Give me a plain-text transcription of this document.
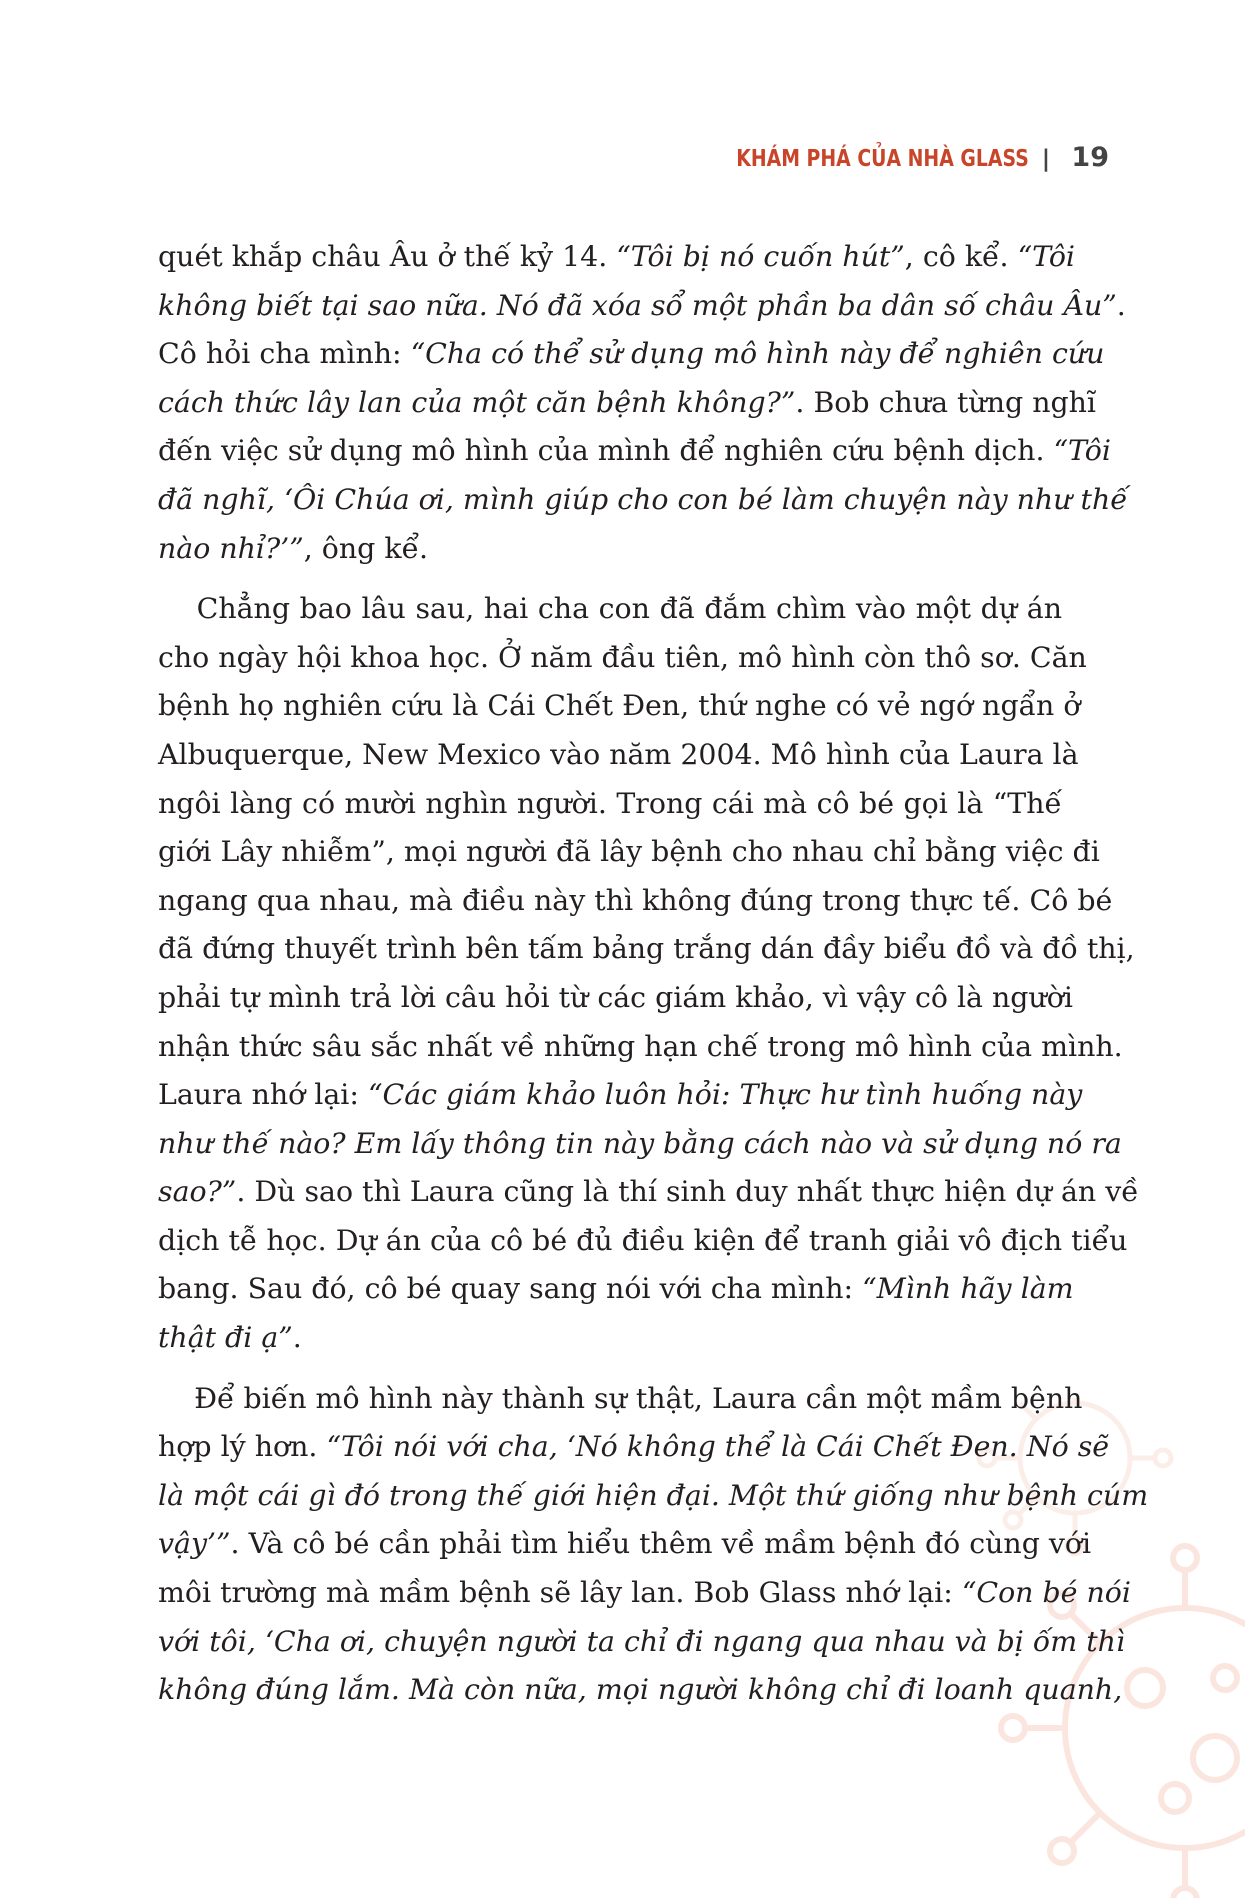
KHÁM PHÁ CỦA NHÀ GLASS | 19
quét khắp châu Âu ở thế kỷ 14. “Tôi bị nó cuốn hút”, cô kể. “Tôi
không biết tại sao nữa. Nó đã xóa sổ một phần ba dân số châu Âu”.
Cô hỏi cha mình: “Cha có thể sử dụng mô hình này để nghiên cứu
cách thức lây lan của một căn bệnh không?”. Bob chưa từng nghĩ
đến việc sử dụng mô hình của mình để nghiên cứu bệnh dịch. “Tôi
đã nghĩ, ‘Ôi Chúa ơi, mình giúp cho con bé làm chuyện này như thế
nào nhỉ?’”, ông kể.
Chẳng bao lâu sau, hai cha con đã đắm chìm vào một dự án
cho ngày hội khoa học. Ở năm đầu tiên, mô hình còn thô sơ. Căn
bệnh họ nghiên cứu là Cái Chết Đen, thứ nghe có vẻ ngớ ngẩn ở
Albuquerque, New Mexico vào năm 2004. Mô hình của Laura là
ngôi làng có mười nghìn người. Trong cái mà cô bé gọi là “Thế
giới Lây nhiễm”, mọi người đã lây bệnh cho nhau chỉ bằng việc đi
ngang qua nhau, mà điều này thì không đúng trong thực tế. Cô bé
đã đứng thuyết trình bên tấm bảng trắng dán đầy biểu đồ và đồ thị,
phải tự mình trả lời câu hỏi từ các giám khảo, vì vậy cô là người
nhận thức sâu sắc nhất về những hạn chế trong mô hình của mình.
Laura nhớ lại: “Các giám khảo luôn hỏi: Thực hư tình huống này
như thế nào? Em lấy thông tin này bằng cách nào và sử dụng nó ra
sao?”. Dù sao thì Laura cũng là thí sinh duy nhất thực hiện dự án về
dịch tễ học. Dự án của cô bé đủ điều kiện để tranh giải vô địch tiểu
bang. Sau đó, cô bé quay sang nói với cha mình: “Mình hãy làm
thật đi ạ”.
Để biến mô hình này thành sự thật, Laura cần một mầm bệnh
hợp lý hơn. “Tôi nói với cha, ‘Nó không thể là Cái Chết Đen. Nó sẽ
là một cái gì đó trong thế giới hiện đại. Một thứ giống như bệnh cúm
vậy’”. Và cô bé cần phải tìm hiểu thêm về mầm bệnh đó cùng với
môi trường mà mầm bệnh sẽ lây lan. Bob Glass nhớ lại: “Con bé nói
với tôi, ‘Cha ơi, chuyện người ta chỉ đi ngang qua nhau và bị ốm thì
không đúng lắm. Mà còn nữa, mọi người không chỉ đi loanh quanh,
